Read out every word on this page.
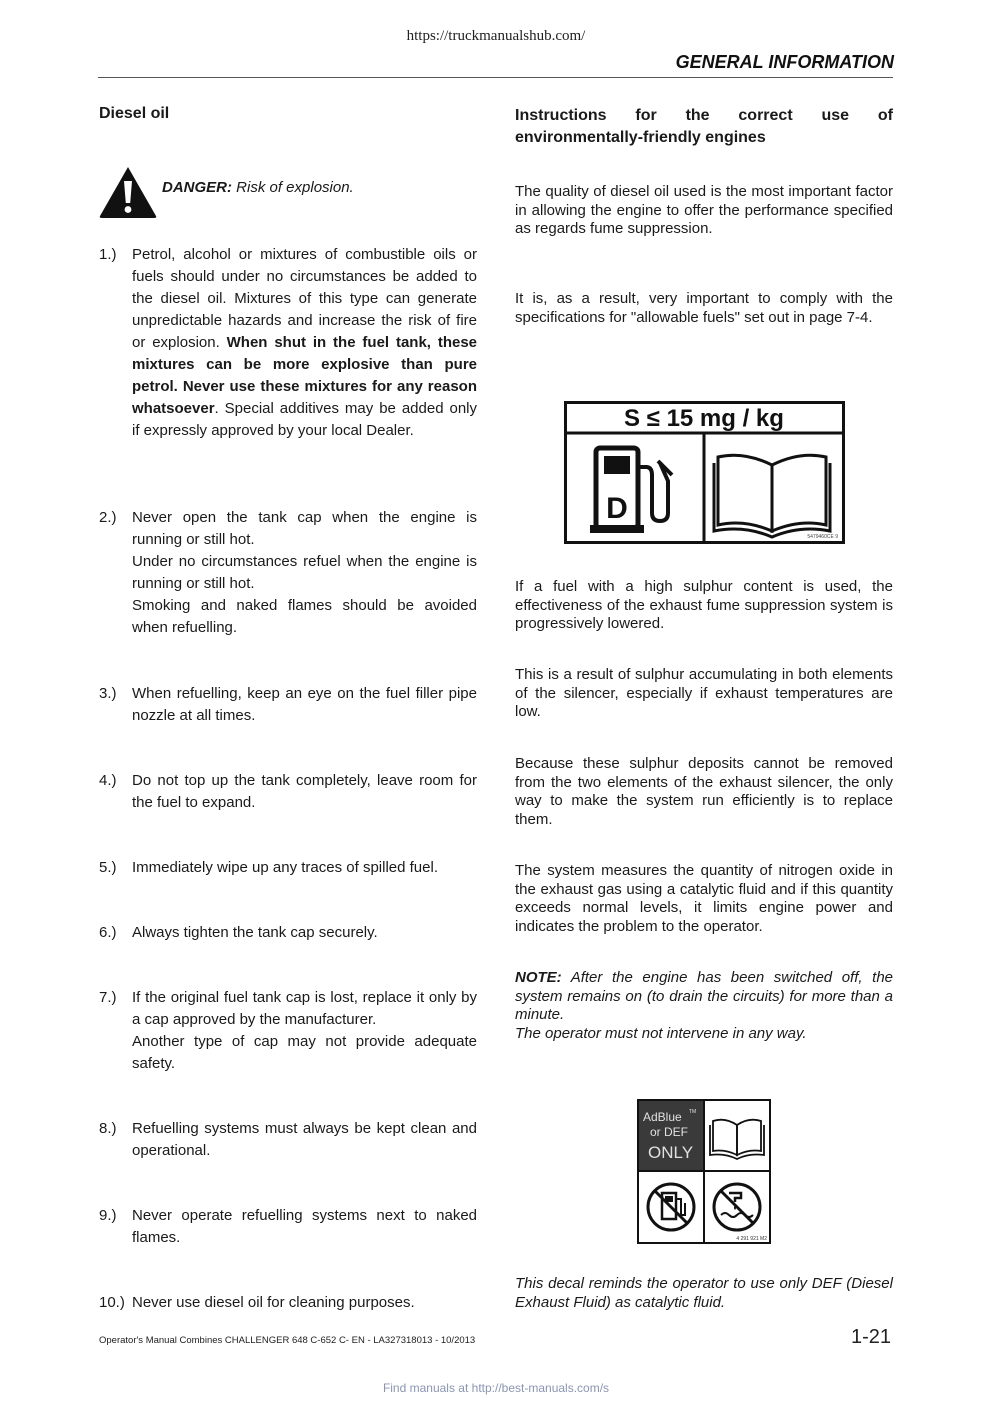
https://truckmanualshub.com/
GENERAL INFORMATION
Diesel oil
DANGER: Risk of explosion.
1.)	Petrol, alcohol or mixtures of combustible oils or fuels should under no circumstances be added to the diesel oil. Mixtures of this type can generate unpredictable hazards and increase the risk of fire or explosion. When shut in the fuel tank, these mixtures can be more explosive than pure petrol. Never use these mixtures for any reason whatsoever. Special additives may be added only if expressly approved by your local Dealer.
2.)	Never open the tank cap when the engine is running or still hot.
Under no circumstances refuel when the engine is running or still hot.
Smoking and naked flames should be avoided when refuelling.
3.)	When refuelling, keep an eye on the fuel filler pipe nozzle at all times.
4.)	Do not top up the tank completely, leave room for the fuel to expand.
5.)	Immediately wipe up any traces of spilled fuel.
6.)	Always tighten the tank cap securely.
7.)	If the original fuel tank cap is lost, replace it only by a cap approved by the manufacturer.
Another type of cap may not provide adequate safety.
8.)	Refuelling systems must always be kept clean and operational.
9.)	Never operate refuelling systems next to naked flames.
10.) Never use diesel oil for cleaning purposes.
Instructions for the correct use of environmentally-friendly engines
The quality of diesel oil used is the most important factor in allowing the engine to offer the performance specified as regards fume suppression.
It is, as a result, very important to comply with the specifications for "allowable fuels" set out in page 7-4.
S ≤ 15 mg / kg
D
5479460CE 9
If a fuel with a high sulphur content is used, the effectiveness of the exhaust fume suppression system is progressively lowered.
This is a result of sulphur accumulating in both elements of the silencer, especially if exhaust temperatures are low.
Because these sulphur deposits cannot be removed from the two elements of the exhaust silencer, the only way to make the system run efficiently is to replace them.
The system measures the quantity of nitrogen oxide in the exhaust gas using a catalytic fluid and if this quantity exceeds normal levels, it limits engine power and indicates the problem to the operator.
NOTE: After the engine has been switched off, the system remains on (to drain the circuits) for more than a minute.
The operator must not intervene in any way.
AdBlue TM
or DEF
ONLY
4 291 921 M2
This decal reminds the operator to use only DEF (Diesel Exhaust Fluid) as catalytic fluid.
Operator's Manual Combines CHALLENGER 648 C-652 C- EN - LA327318013 - 10/2013	1-21
Find manuals at http://best-manuals.com/s
